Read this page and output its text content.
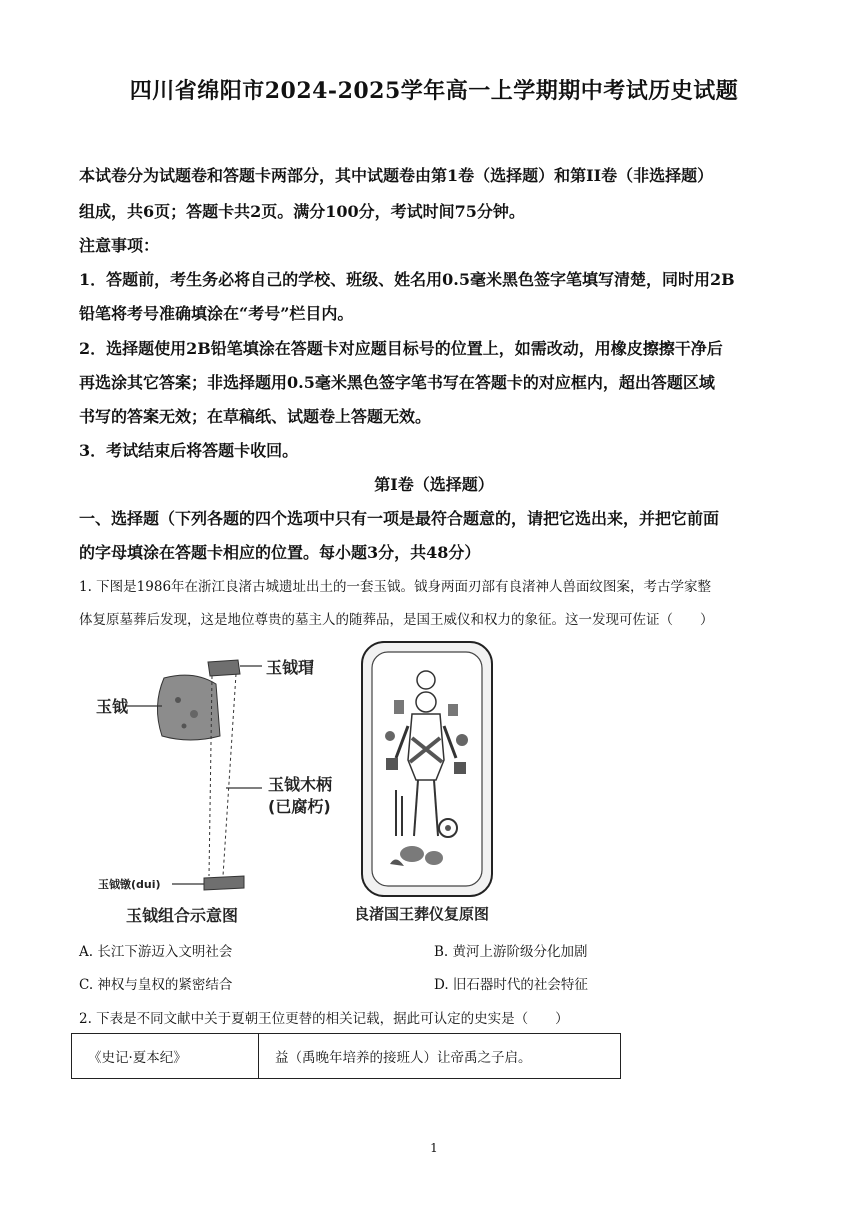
四川省绵阳市2024-2025学年高一上学期期中考试历史试题
本试卷分为试题卷和答题卡两部分，其中试题卷由第1卷（选择题）和第II卷（非选择题）
组成，共6页；答题卡共2页。满分100分，考试时间75分钟。
注意事项：
1．答题前，考生务必将自己的学校、班级、姓名用0.5毫米黑色签字笔填写清楚，同时用2B
铅笔将考号准确填涂在“考号”栏目内。
2．选择题使用2B铅笔填涂在答题卡对应题目标号的位置上，如需改动，用橡皮擦擦干净后
再选涂其它答案；非选择题用0.5毫米黑色签字笔书写在答题卡的对应框内，超出答题区域
书写的答案无效；在草稿纸、试题卷上答题无效。
3．考试结束后将答题卡收回。
第I卷（选择题）
一、选择题（下列各题的四个选项中只有一项是最符合题意的，请把它选出来，并把它前面
的字母填涂在答题卡相应的位置。每小题3分，共48分）
1. 下图是1986年在浙江良渚古城遗址出土的一套玉钺。钺身两面刃部有良渚神人兽面纹图案，考古学家整
体复原墓葬后发现，这是地位尊贵的墓主人的随葬品，是国王威仪和权力的象征。这一发现可佐证（　　）
玉钺瑁
玉钺
玉钺木柄
(已腐朽)
玉钺镦(dui)
玉钺组合示意图	良渚国王葬仪复原图
A. 长江下游迈入文明社会	B. 黄河上游阶级分化加剧
C. 神权与皇权的紧密结合	D. 旧石器时代的社会特征
2. 下表是不同文献中关于夏朝王位更替的相关记载，据此可认定的史实是（　　）
《史记·夏本纪》	益（禹晚年培养的接班人）让帝禹之子启。
1
